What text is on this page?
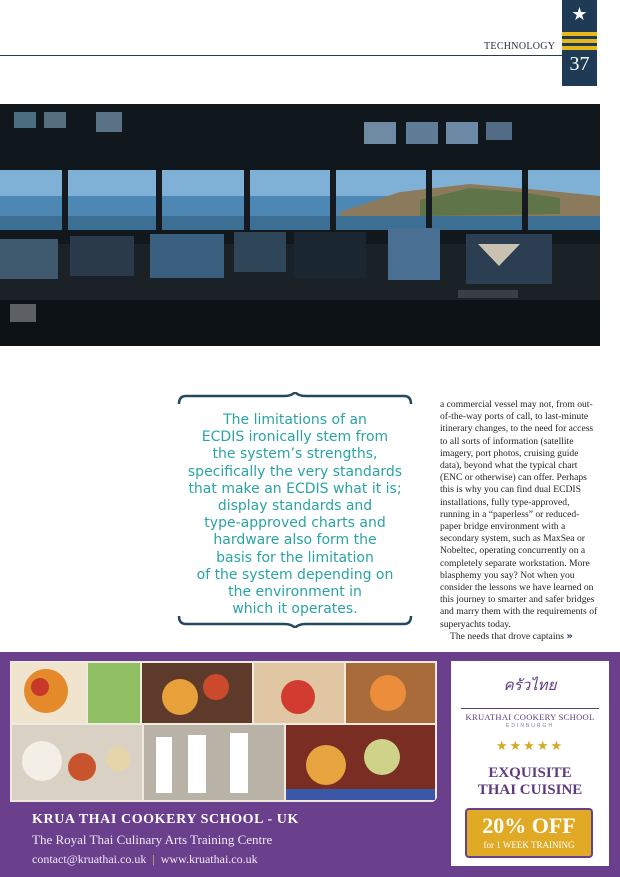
TECHNOLOGY
★
37
The limitations of an
ECDIS ironically stem from
the system’s strengths,
specifically the very standards
that make an ECDIS what it is;
display standards and
type-approved charts and
hardware also form the
basis for the limitation
of the system depending on
the environment in
which it operates.

a commercial vessel may not, from out-of-the-way ports of call, to last-minute itinerary changes, to the need for access to all sorts of information (satellite imagery, port photos, cruising guide data), beyond what the typical chart (ENC or otherwise) can offer. Perhaps this is why you can find dual ECDIS installations, fully type-approved, running in a “paperless” or reduced-paper bridge environment with a secondary system, such as MaxSea or Nobeltec, operating concurrently on a completely separate workstation. More blasphemy you say? Not when you consider the lessons we have learned on this journey to smarter and safer bridges and marry them with the requirements of superyachts today.

The needs that drove captains »

KRUA THAI COOKERY SCHOOL - UK
The Royal Thai Culinary Arts Training Centre
contact@kruathai.co.uk | www.kruathai.co.uk
ครัวไทย
KRUATHAI COOKERY SCHOOL
EDINBURGH
★★★★★
EXQUISITE
THAI CUISINE
20% OFF
for 1 WEEK TRAINING
